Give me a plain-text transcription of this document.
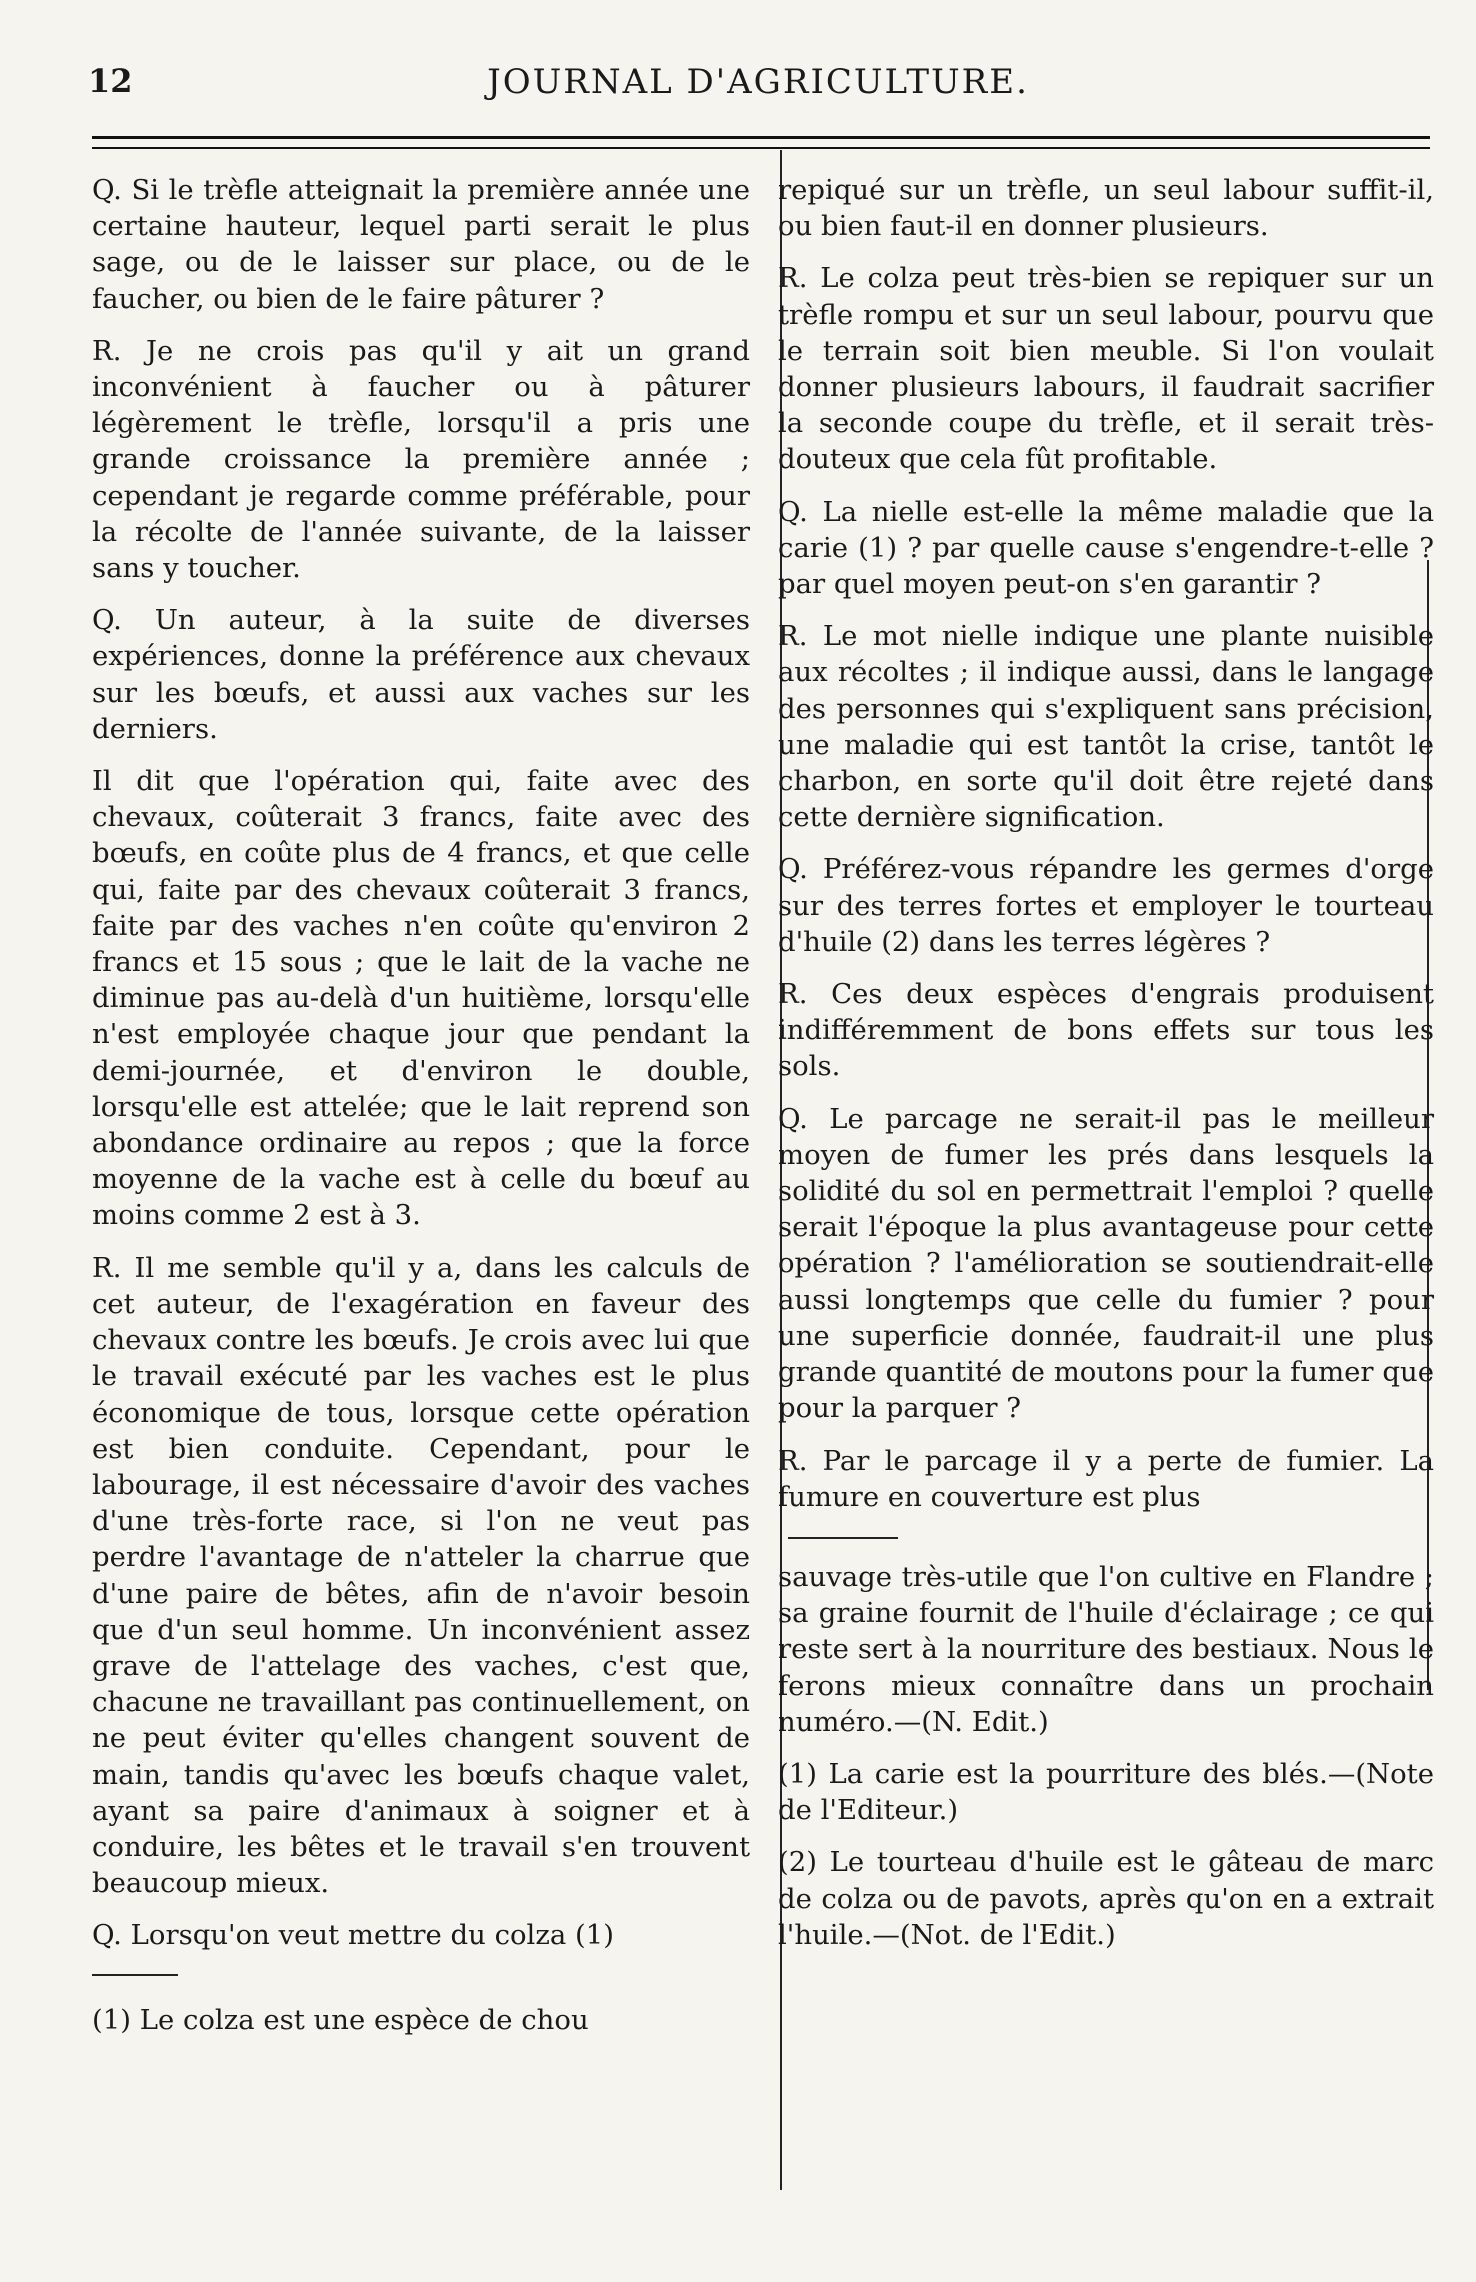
12	JOURNAL D'AGRICULTURE.

Q. Si le trèfle atteignait la première année une certaine hauteur, lequel parti serait le plus sage, ou de le laisser sur place, ou de le faucher, ou bien de le faire pâturer ?

R. Je ne crois pas qu'il y ait un grand inconvénient à faucher ou à pâturer légèrement le trèfle, lorsqu'il a pris une grande croissance la première année ; cependant je regarde comme préférable, pour la récolte de l'année suivante, de la laisser sans y toucher.

Q. Un auteur, à la suite de diverses expériences, donne la préférence aux chevaux sur les bœufs, et aussi aux vaches sur les derniers.

Il dit que l'opération qui, faite avec des chevaux, coûterait 3 francs, faite avec des bœufs, en coûte plus de 4 francs, et que celle qui, faite par des chevaux coûterait 3 francs, faite par des vaches n'en coûte qu'environ 2 francs et 15 sous ; que le lait de la vache ne diminue pas au-delà d'un huitième, lorsqu'elle n'est employée chaque jour que pendant la demi-journée, et d'environ le double, lorsqu'elle est attelée; que le lait reprend son abondance ordinaire au repos ; que la force moyenne de la vache est à celle du bœuf au moins comme 2 est à 3.

R. Il me semble qu'il y a, dans les calculs de cet auteur, de l'exagération en faveur des chevaux contre les bœufs. Je crois avec lui que le travail exécuté par les vaches est le plus économique de tous, lorsque cette opération est bien conduite. Cependant, pour le labourage, il est nécessaire d'avoir des vaches d'une très-forte race, si l'on ne veut pas perdre l'avantage de n'atteler la charrue que d'une paire de bêtes, afin de n'avoir besoin que d'un seul homme. Un inconvénient assez grave de l'attelage des vaches, c'est que, chacune ne travaillant pas continuellement, on ne peut éviter qu'elles changent souvent de main, tandis qu'avec les bœufs chaque valet, ayant sa paire d'animaux à soigner et à conduire, les bêtes et le travail s'en trouvent beaucoup mieux.

Q. Lorsqu'on veut mettre du colza (1)

(1) Le colza est une espèce de chou

repiqué sur un trèfle, un seul labour suffit-il, ou bien faut-il en donner plusieurs.

R. Le colza peut très-bien se repiquer sur un trèfle rompu et sur un seul labour, pourvu que le terrain soit bien meuble. Si l'on voulait donner plusieurs labours, il faudrait sacrifier la seconde coupe du trèfle, et il serait très-douteux que cela fût profitable.

Q. La nielle est-elle la même maladie que la carie (1) ? par quelle cause s'engendre-t-elle ? par quel moyen peut-on s'en garantir ?

R. Le mot nielle indique une plante nuisible aux récoltes ; il indique aussi, dans le langage des personnes qui s'expliquent sans précision, une maladie qui est tantôt la crise, tantôt le charbon, en sorte qu'il doit être rejeté dans cette dernière signification.

Q. Préférez-vous répandre les germes d'orge sur des terres fortes et employer le tourteau d'huile (2) dans les terres légères ?

R. Ces deux espèces d'engrais produisent indifféremment de bons effets sur tous les sols.

Q. Le parcage ne serait-il pas le meilleur moyen de fumer les prés dans lesquels la solidité du sol en permettrait l'emploi ? quelle serait l'époque la plus avantageuse pour cette opération ? l'amélioration se soutiendrait-elle aussi longtemps que celle du fumier ? pour une superficie donnée, faudrait-il une plus grande quantité de moutons pour la fumer que pour la parquer ?

R. Par le parcage il y a perte de fumier. La fumure en couverture est plus

sauvage très-utile que l'on cultive en Flandre ; sa graine fournit de l'huile d'éclairage ; ce qui reste sert à la nourriture des bestiaux. Nous le ferons mieux connaître dans un prochain numéro.—(N. Edit.)
(1) La carie est la pourriture des blés.—(Note de l'Editeur.)
(2) Le tourteau d'huile est le gâteau de marc de colza ou de pavots, après qu'on en a extrait l'huile.—(Not. de l'Edit.)
